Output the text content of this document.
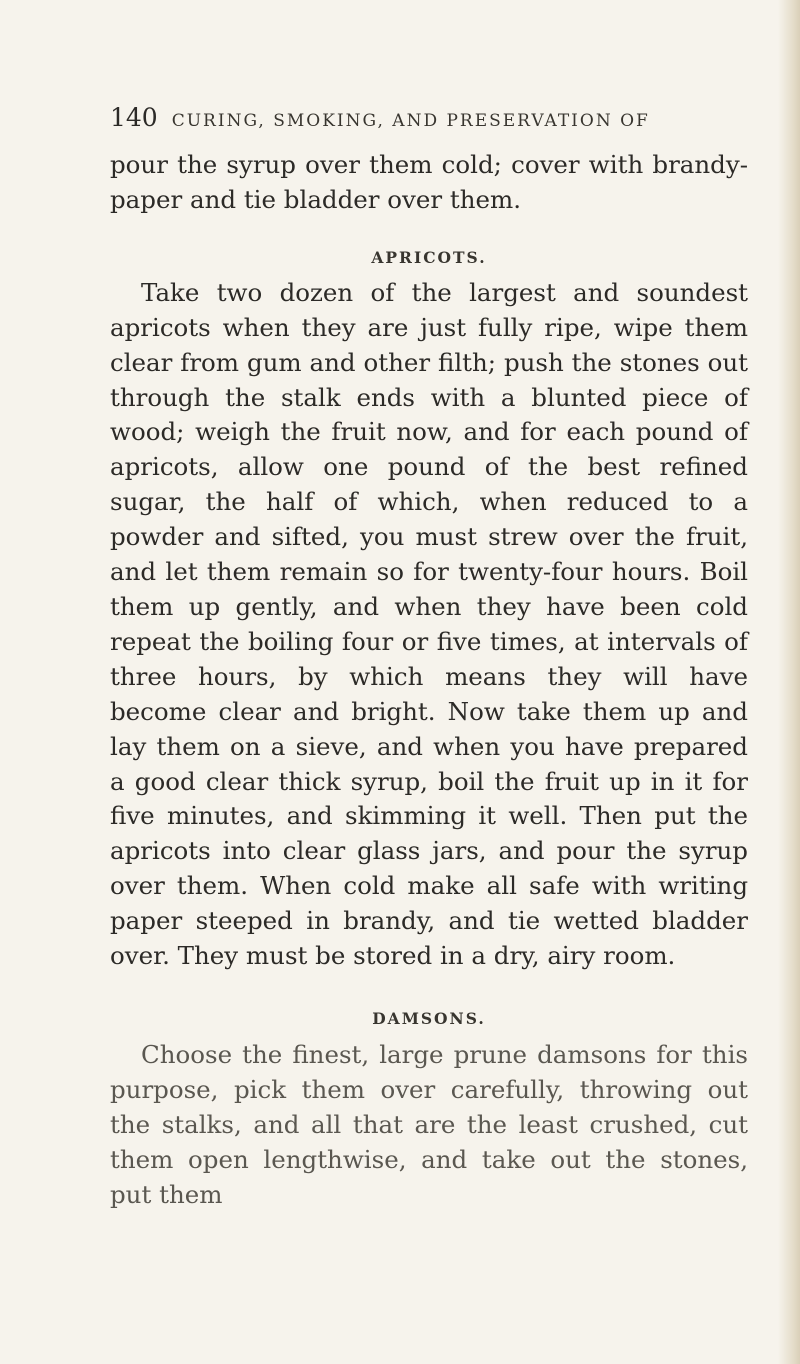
140 CURING, SMOKING, AND PRESERVATION OF

pour the syrup over them cold; cover with brandy-paper and tie bladder over them.

APRICOTS.

Take two dozen of the largest and soundest apricots when they are just fully ripe, wipe them clear from gum and other filth; push the stones out through the stalk ends with a blunted piece of wood; weigh the fruit now, and for each pound of apricots, allow one pound of the best refined sugar, the half of which, when reduced to a powder and sifted, you must strew over the fruit, and let them remain so for twenty-four hours. Boil them up gently, and when they have been cold repeat the boiling four or five times, at intervals of three hours, by which means they will have become clear and bright. Now take them up and lay them on a sieve, and when you have prepared a good clear thick syrup, boil the fruit up in it for five minutes, and skimming it well. Then put the apricots into clear glass jars, and pour the syrup over them. When cold make all safe with writing paper steeped in brandy, and tie wetted bladder over. They must be stored in a dry, airy room.

DAMSONS.

Choose the finest, large prune damsons for this purpose, pick them over carefully, throwing out the stalks, and all that are the least crushed, cut them open lengthwise, and take out the stones, put them
